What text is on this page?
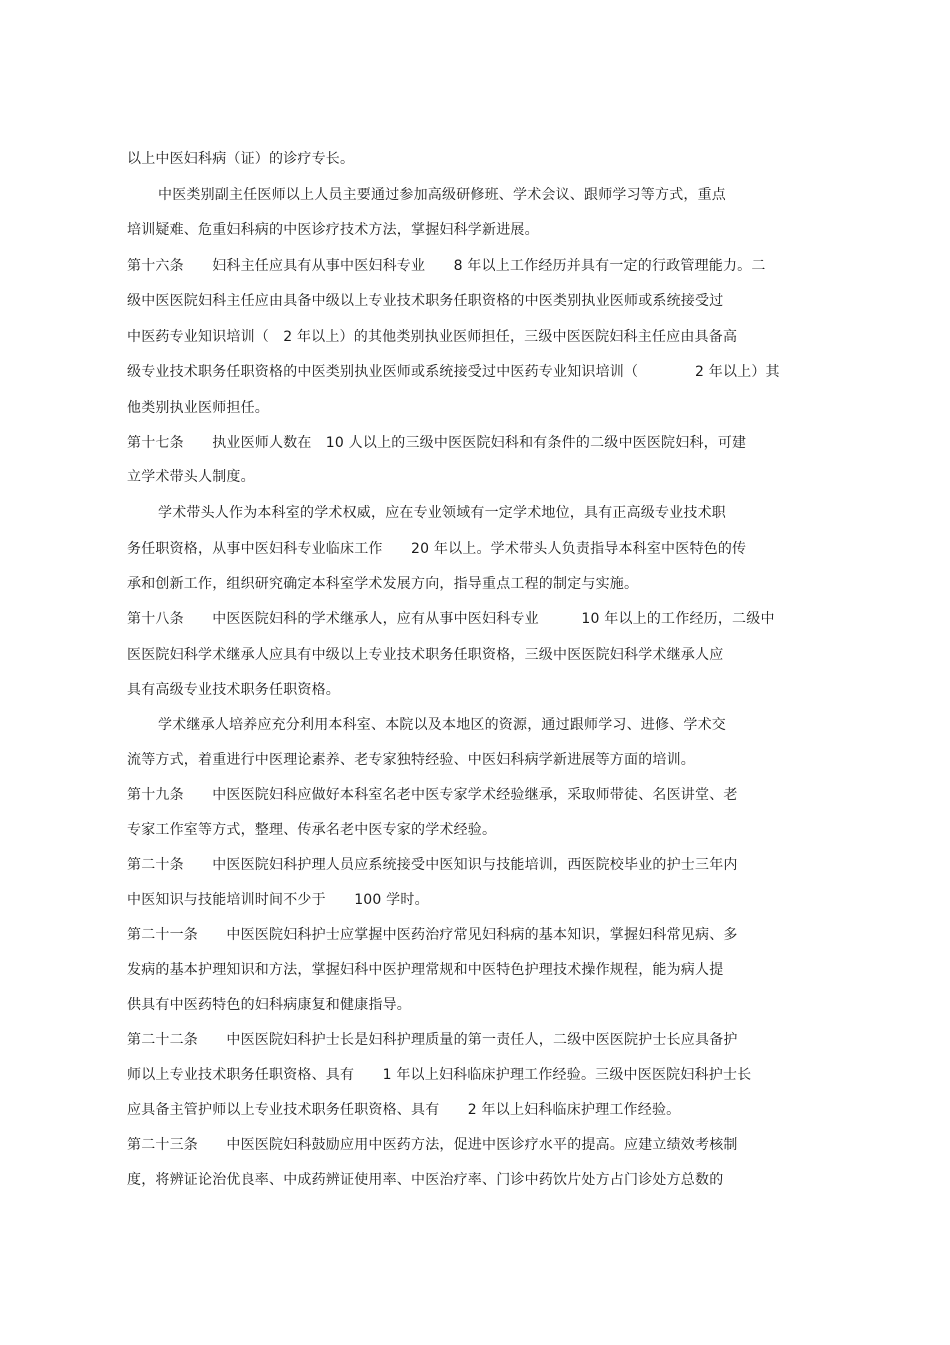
以上中医妇科病（证）的诊疗专长。
中医类别副主任医师以上人员主要通过参加高级研修班、学术会议、跟师学习等方式，重点
培训疑难、危重妇科病的中医诊疗技术方法，掌握妇科学新进展。
第十六条　　妇科主任应具有从事中医妇科专业　　8 年以上工作经历并具有一定的行政管理能力。二
级中医医院妇科主任应由具备中级以上专业技术职务任职资格的中医类别执业医师或系统接受过
中医药专业知识培训（　2 年以上）的其他类别执业医师担任，三级中医医院妇科主任应由具备高
级专业技术职务任职资格的中医类别执业医师或系统接受过中医药专业知识培训（　　　　2 年以上）其
他类别执业医师担任。
第十七条　　执业医师人数在　10 人以上的三级中医医院妇科和有条件的二级中医医院妇科，可建
立学术带头人制度。
学术带头人作为本科室的学术权威，应在专业领域有一定学术地位，具有正高级专业技术职
务任职资格，从事中医妇科专业临床工作　　20 年以上。学术带头人负责指导本科室中医特色的传
承和创新工作，组织研究确定本科室学术发展方向，指导重点工程的制定与实施。
第十八条　　中医医院妇科的学术继承人，应有从事中医妇科专业　　　10 年以上的工作经历，二级中
医医院妇科学术继承人应具有中级以上专业技术职务任职资格，三级中医医院妇科学术继承人应
具有高级专业技术职务任职资格。
学术继承人培养应充分利用本科室、本院以及本地区的资源，通过跟师学习、进修、学术交
流等方式，着重进行中医理论素养、老专家独特经验、中医妇科病学新进展等方面的培训。
第十九条　　中医医院妇科应做好本科室名老中医专家学术经验继承，采取师带徒、名医讲堂、老
专家工作室等方式，整理、传承名老中医专家的学术经验。
第二十条　　中医医院妇科护理人员应系统接受中医知识与技能培训，西医院校毕业的护士三年内
中医知识与技能培训时间不少于　　100 学时。
第二十一条　　中医医院妇科护士应掌握中医药治疗常见妇科病的基本知识，掌握妇科常见病、多
发病的基本护理知识和方法，掌握妇科中医护理常规和中医特色护理技术操作规程，能为病人提
供具有中医药特色的妇科病康复和健康指导。
第二十二条　　中医医院妇科护士长是妇科护理质量的第一责任人，二级中医医院护士长应具备护
师以上专业技术职务任职资格、具有　　1 年以上妇科临床护理工作经验。三级中医医院妇科护士长
应具备主管护师以上专业技术职务任职资格、具有　　2 年以上妇科临床护理工作经验。
第二十三条　　中医医院妇科鼓励应用中医药方法，促进中医诊疗水平的提高。应建立绩效考核制
度，将辨证论治优良率、中成药辨证使用率、中医治疗率、门诊中药饮片处方占门诊处方总数的
